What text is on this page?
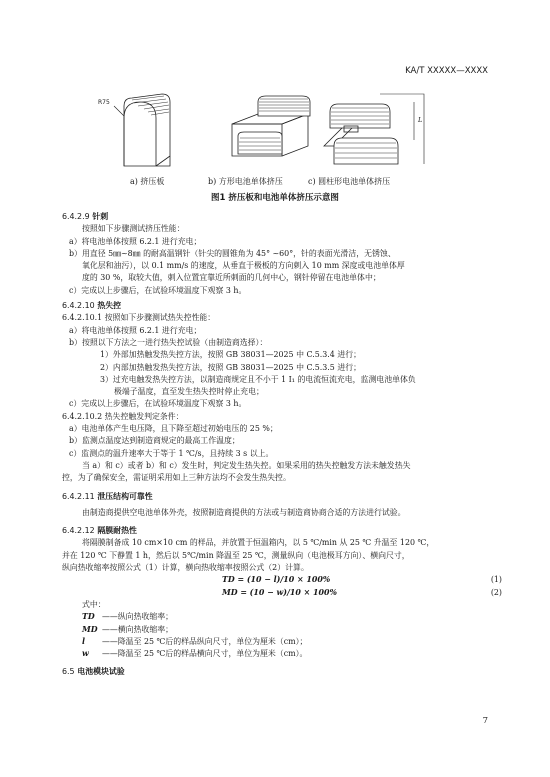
KA/T XXXXX—XXXX
R75
L
a) 挤压板	b) 方形电池单体挤压	c) 圆柱形电池单体挤压
图1 挤压板和电池单体挤压示意图

6.4.2.9 针刺

按照如下步骤测试挤压性能：

a）将电池单体按照 6.2.1 进行充电；

b）用直径 5㎜~8㎜ 的耐高温钢针（针尖的圆锥角为 45° ~60°，针的表面光滑洁，无锈蚀、

氧化层和油污），以 0.1 mm/s 的速度，从垂直于极板的方向刺入 10 mm 深度或电池单体厚

度的 30 %，取较大值，刺入位置宜靠近所刺面的几何中心，钢针停留在电池单体中；

c）完成以上步骤后，在试验环境温度下观察 3 h。

6.4.2.10 热失控

6.4.2.10.1 按照如下步骤测试热失控性能：

a）将电池单体按照 6.2.1 进行充电；

b）按照以下方法之一进行热失控试验（由制造商选择）：

1）外部加热触发热失控方法，按照 GB 38031—2025 中 C.5.3.4 进行；

2）内部加热触发热失控方法，按照 GB 38031—2025 中 C.5.3.5 进行；

3）过充电触发热失控方法，以制造商规定且不小于 1 I₁ 的电流恒流充电，监测电池单体负

极端子温度，直至发生热失控时停止充电；

c）完成以上步骤后，在试验环境温度下观察 3 h。

6.4.2.10.2 热失控触发判定条件：

a）电池单体产生电压降，且下降至超过初始电压的 25 %；

b）监测点温度达到制造商规定的最高工作温度；

c）监测点的温升速率大于等于 1 ℃/s，且持续 3 s 以上。

当 a）和 c）或者 b）和 c）发生时，判定发生热失控。如果采用的热失控触发方法未触发热失

控，为了确保安全，需证明采用如上三种方法均不会发生热失控。

6.4.2.11 泄压结构可靠性

由制造商提供空电池单体外壳，按照制造商提供的方法或与制造商协商合适的方法进行试验。

6.4.2.12 隔膜耐热性

将隔膜制备成 10 cm×10 cm 的样品，并放置于恒温箱内，以 5 ℃/min 从 25 ℃ 升温至 120 ℃，

并在 120 ℃ 下静置 1 h，然后以 5℃/min 降温至 25 ℃，测量纵向（电池极耳方向）、横向尺寸，

纵向热收缩率按照公式（1）计算，横向热收缩率按照公式（2）计算。

TD = (10 − l)/10 × 100%	(1)
MD = (10 − w)/10 × 100%	(2)

式中：

TD ——纵向热收缩率；

MD ——横向热收缩率；

l ——降温至 25 ℃后的样品纵向尺寸，单位为厘米（cm）；

w ——降温至 25 ℃后的样品横向尺寸，单位为厘米（cm）。

6.5 电池模块试验

7
